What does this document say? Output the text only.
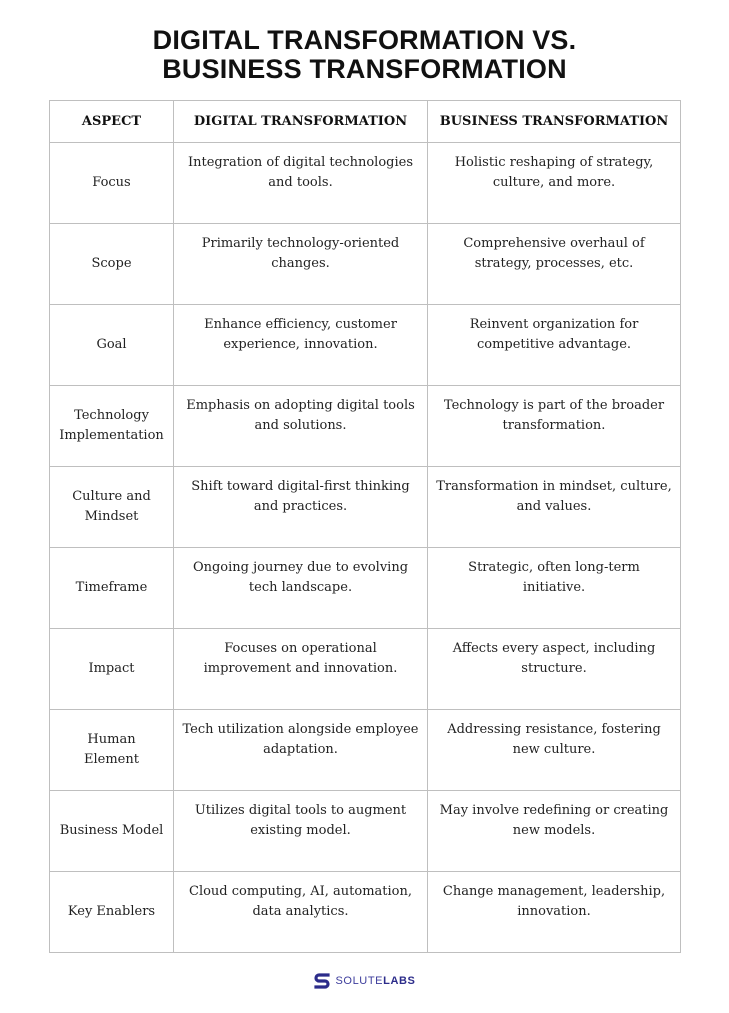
DIGITAL TRANSFORMATION VS.
BUSINESS TRANSFORMATION
ASPECT	DIGITAL TRANSFORMATION	BUSINESS TRANSFORMATION

Focus	Integration of digital technologies and tools.	Holistic reshaping of strategy, culture, and more.

Scope	Primarily technology-oriented changes.	Comprehensive overhaul of strategy, processes, etc.

Goal	Enhance efficiency, customer experience, innovation.	Reinvent organization for competitive advantage.

Technology Implementation	Emphasis on adopting digital tools and solutions.	Technology is part of the broader transformation.

Culture and Mindset	Shift toward digital-first thinking and practices.	Transformation in mindset, culture, and values.

Timeframe	Ongoing journey due to evolving tech landscape.	Strategic, often long-term initiative.

Impact	Focuses on operational improvement and innovation.	Affects every aspect, including structure.

Human Element	Tech utilization alongside employee adaptation.	Addressing resistance, fostering new culture.

Business Model	Utilizes digital tools to augment existing model.	May involve redefining or creating new models.

Key Enablers	Cloud computing, AI, automation, data analytics.	Change management, leadership, innovation.
SOLUTELABS
